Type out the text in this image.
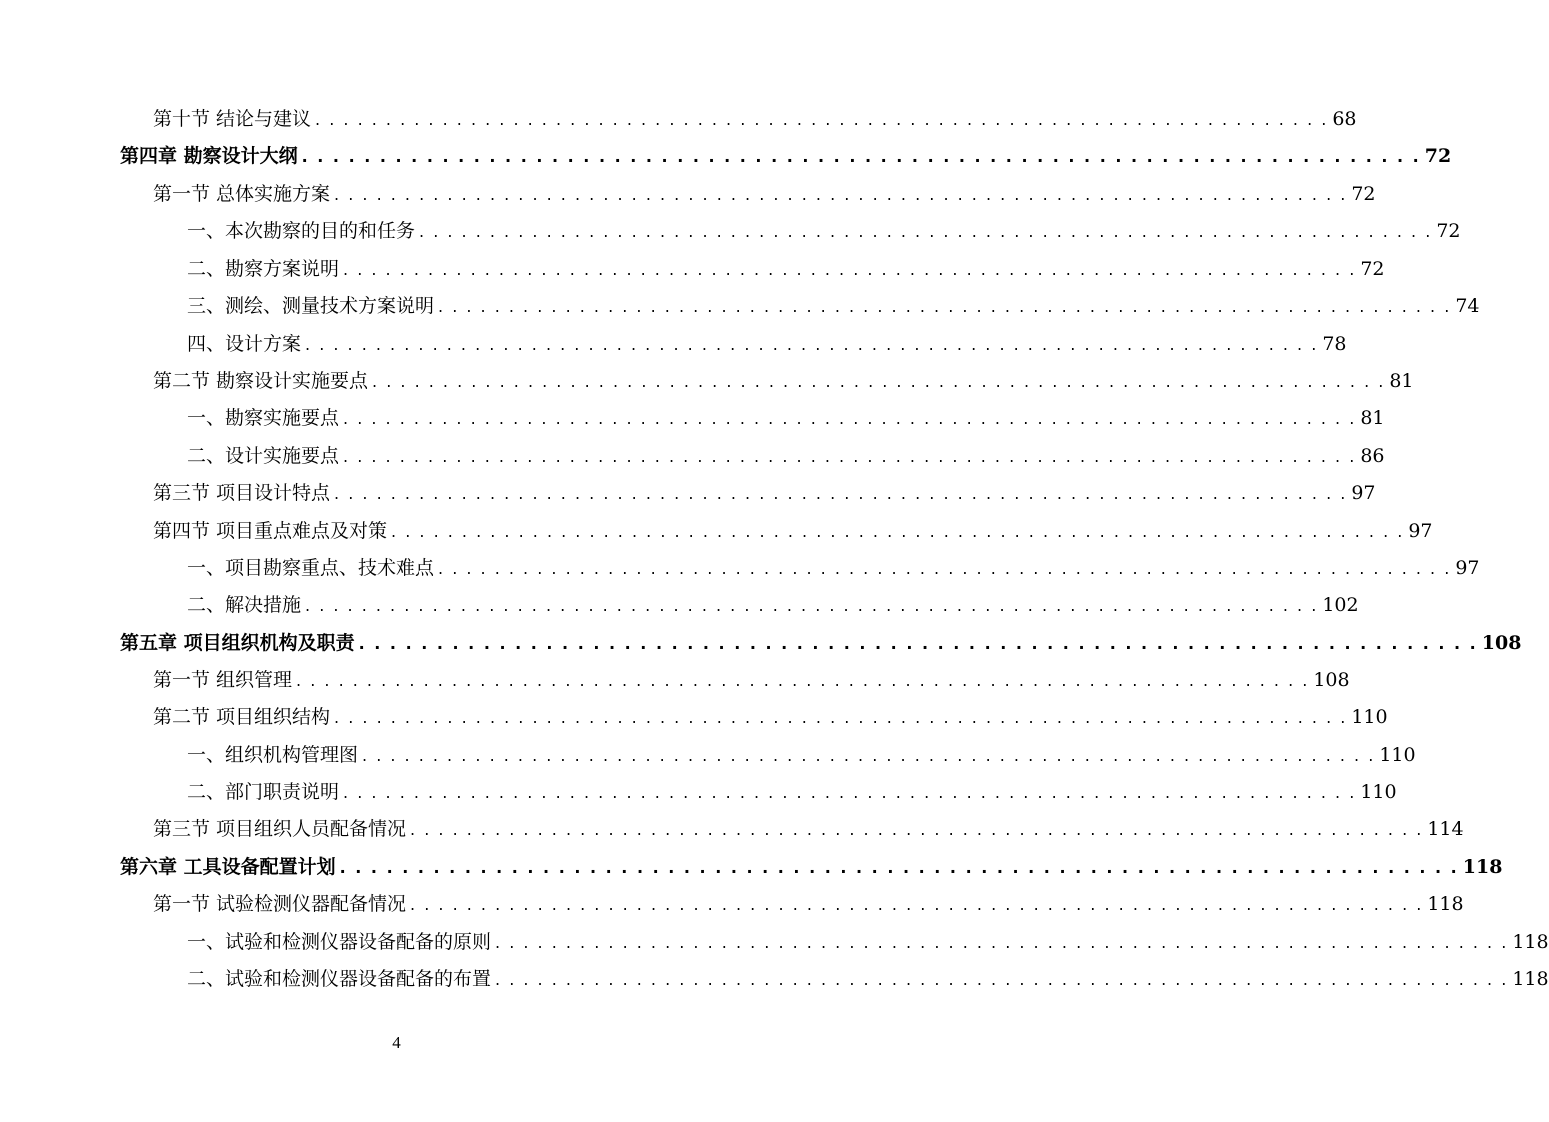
第十节 结论与建议 . . . . . . . . . . . . . . . . . . . . . . . . . . . . . . . . . . . . . . . . . . . . . . . . . . . . . . . . . . . . . . . . . . . . . . . . 68
第四章 勘察设计大纲 . . . . . . . . . . . . . . . . . . . . . . . . . . . . . . . . . . . . . . . . . . . . . . . . . . . . . . . . . . . . . . . . . . . . . . . . 72
第一节 总体实施方案 . . . . . . . . . . . . . . . . . . . . . . . . . . . . . . . . . . . . . . . . . . . . . . . . . . . . . . . . . . . . . . . . . . . . . . . . 72
一、本次勘察的目的和任务 . . . . . . . . . . . . . . . . . . . . . . . . . . . . . . . . . . . . . . . . . . . . . . . . . . . . . . . . . . . . . . . . . . . . . . . . 72
二、勘察方案说明 . . . . . . . . . . . . . . . . . . . . . . . . . . . . . . . . . . . . . . . . . . . . . . . . . . . . . . . . . . . . . . . . . . . . . . . . 72
三、测绘、测量技术方案说明 . . . . . . . . . . . . . . . . . . . . . . . . . . . . . . . . . . . . . . . . . . . . . . . . . . . . . . . . . . . . . . . . . . . . . . . . 74
四、设计方案 . . . . . . . . . . . . . . . . . . . . . . . . . . . . . . . . . . . . . . . . . . . . . . . . . . . . . . . . . . . . . . . . . . . . . . . . 78
第二节 勘察设计实施要点 . . . . . . . . . . . . . . . . . . . . . . . . . . . . . . . . . . . . . . . . . . . . . . . . . . . . . . . . . . . . . . . . . . . . . . . . 81
一、勘察实施要点 . . . . . . . . . . . . . . . . . . . . . . . . . . . . . . . . . . . . . . . . . . . . . . . . . . . . . . . . . . . . . . . . . . . . . . . . 81
二、设计实施要点 . . . . . . . . . . . . . . . . . . . . . . . . . . . . . . . . . . . . . . . . . . . . . . . . . . . . . . . . . . . . . . . . . . . . . . . . 86
第三节 项目设计特点 . . . . . . . . . . . . . . . . . . . . . . . . . . . . . . . . . . . . . . . . . . . . . . . . . . . . . . . . . . . . . . . . . . . . . . . . 97
第四节 项目重点难点及对策 . . . . . . . . . . . . . . . . . . . . . . . . . . . . . . . . . . . . . . . . . . . . . . . . . . . . . . . . . . . . . . . . . . . . . . . . 97
一、项目勘察重点、技术难点 . . . . . . . . . . . . . . . . . . . . . . . . . . . . . . . . . . . . . . . . . . . . . . . . . . . . . . . . . . . . . . . . . . . . . . . . 97
二、解决措施 . . . . . . . . . . . . . . . . . . . . . . . . . . . . . . . . . . . . . . . . . . . . . . . . . . . . . . . . . . . . . . . . . . . . . . . . 102
第五章 项目组织机构及职责 . . . . . . . . . . . . . . . . . . . . . . . . . . . . . . . . . . . . . . . . . . . . . . . . . . . . . . . . . . . . . . . . . . . . . . . . 108
第一节 组织管理 . . . . . . . . . . . . . . . . . . . . . . . . . . . . . . . . . . . . . . . . . . . . . . . . . . . . . . . . . . . . . . . . . . . . . . . . 108
第二节 项目组织结构 . . . . . . . . . . . . . . . . . . . . . . . . . . . . . . . . . . . . . . . . . . . . . . . . . . . . . . . . . . . . . . . . . . . . . . . . 110
一、组织机构管理图 . . . . . . . . . . . . . . . . . . . . . . . . . . . . . . . . . . . . . . . . . . . . . . . . . . . . . . . . . . . . . . . . . . . . . . . . 110
二、部门职责说明 . . . . . . . . . . . . . . . . . . . . . . . . . . . . . . . . . . . . . . . . . . . . . . . . . . . . . . . . . . . . . . . . . . . . . . . . 110
第三节 项目组织人员配备情况 . . . . . . . . . . . . . . . . . . . . . . . . . . . . . . . . . . . . . . . . . . . . . . . . . . . . . . . . . . . . . . . . . . . . . . . . 114
第六章 工具设备配置计划 . . . . . . . . . . . . . . . . . . . . . . . . . . . . . . . . . . . . . . . . . . . . . . . . . . . . . . . . . . . . . . . . . . . . . . . . 118
第一节 试验检测仪器配备情况 . . . . . . . . . . . . . . . . . . . . . . . . . . . . . . . . . . . . . . . . . . . . . . . . . . . . . . . . . . . . . . . . . . . . . . . . 118
一、试验和检测仪器设备配备的原则 . . . . . . . . . . . . . . . . . . . . . . . . . . . . . . . . . . . . . . . . . . . . . . . . . . . . . . . . . . . . . . . . . . . . . . . . 118
二、试验和检测仪器设备配备的布置 . . . . . . . . . . . . . . . . . . . . . . . . . . . . . . . . . . . . . . . . . . . . . . . . . . . . . . . . . . . . . . . . . . . . . . . . 118
4
